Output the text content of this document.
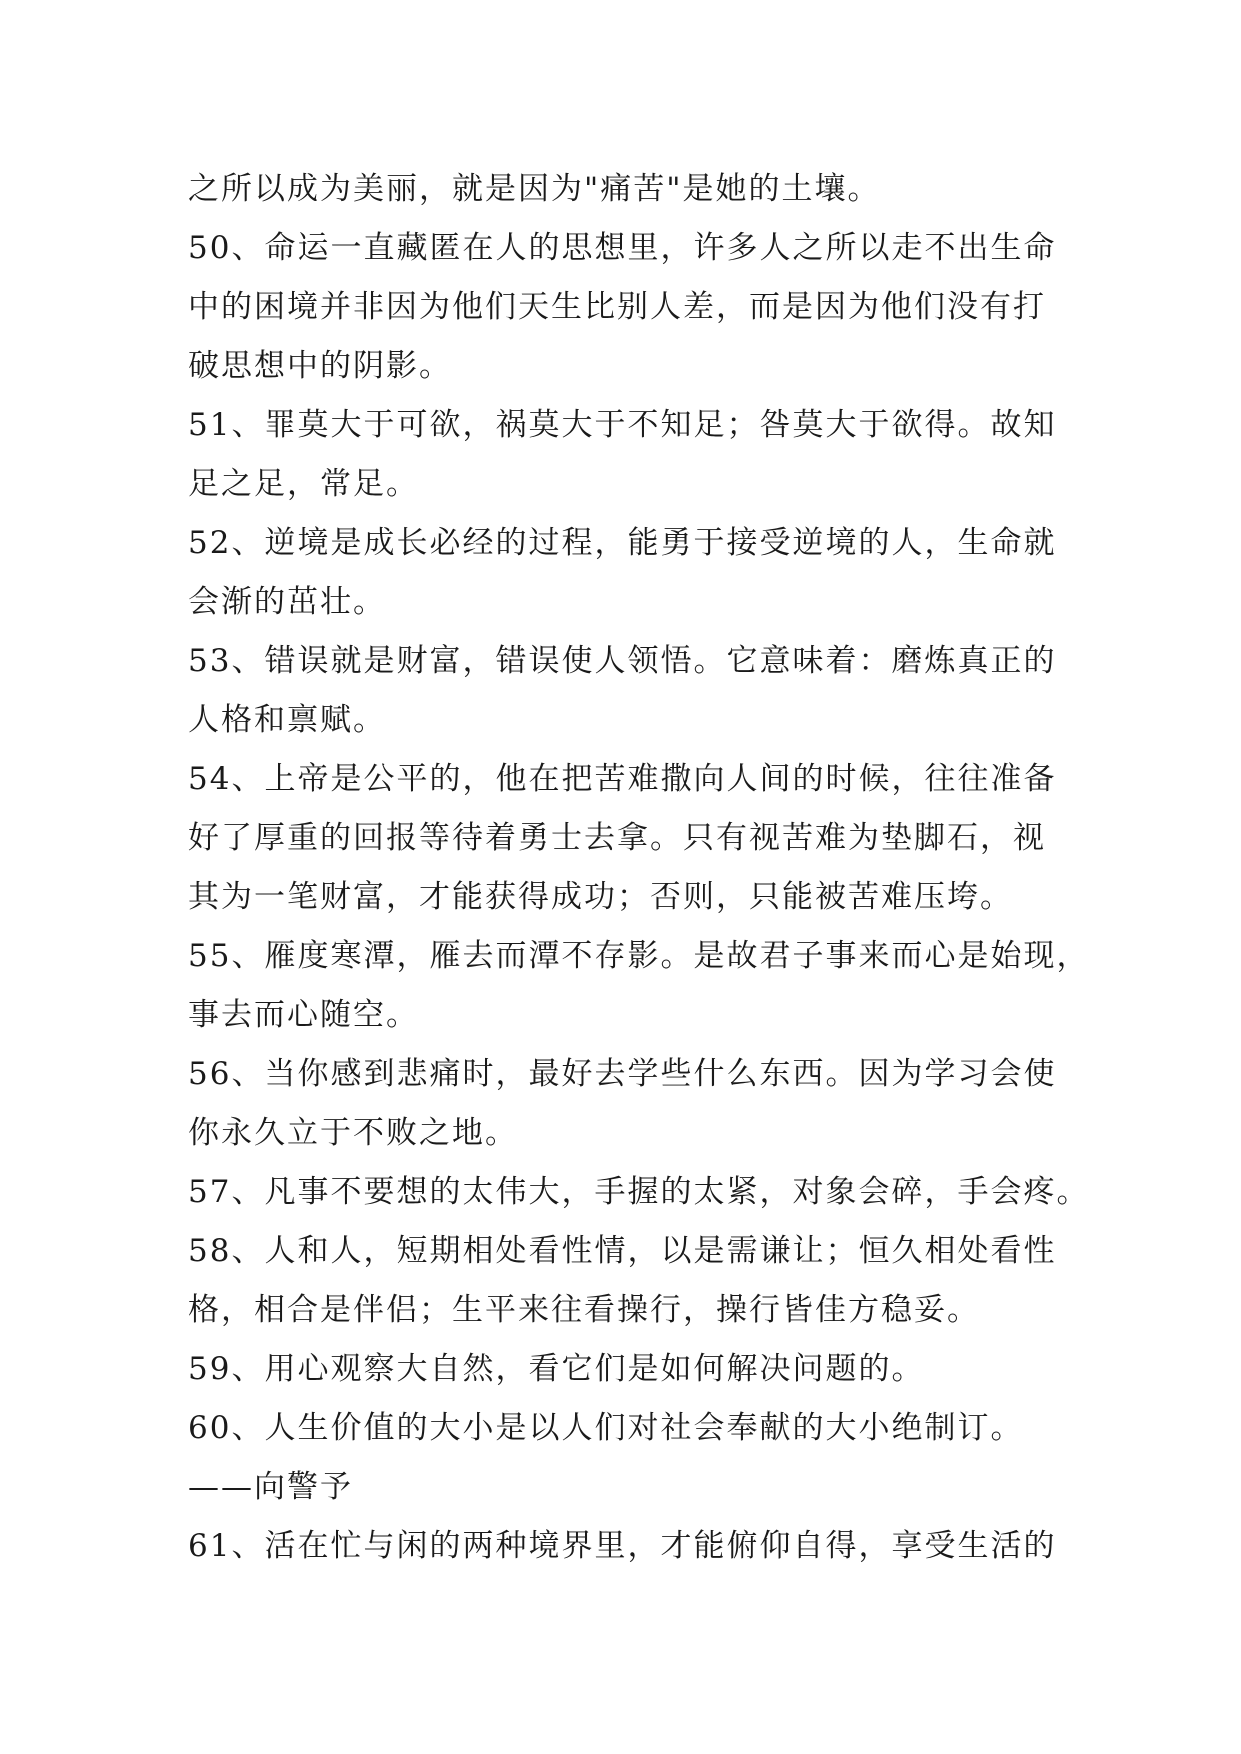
之所以成为美丽，就是因为"痛苦"是她的土壤。
50、命运一直藏匿在人的思想里，许多人之所以走不出生命
中的困境并非因为他们天生比别人差，而是因为他们没有打
破思想中的阴影。
51、罪莫大于可欲，祸莫大于不知足；咎莫大于欲得。故知
足之足，常足。
52、逆境是成长必经的过程，能勇于接受逆境的人，生命就
会渐的茁壮。
53、错误就是财富，错误使人领悟。它意味着：磨炼真正的
人格和禀赋。
54、上帝是公平的，他在把苦难撒向人间的时候，往往准备
好了厚重的回报等待着勇士去拿。只有视苦难为垫脚石，视
其为一笔财富，才能获得成功；否则，只能被苦难压垮。
55、雁度寒潭，雁去而潭不存影。是故君子事来而心是始现，
事去而心随空。
56、当你感到悲痛时，最好去学些什么东西。因为学习会使
你永久立于不败之地。
57、凡事不要想的太伟大，手握的太紧，对象会碎，手会疼。
58、人和人，短期相处看性情，以是需谦让；恒久相处看性
格，相合是伴侣；生平来往看操行，操行皆佳方稳妥。
59、用心观察大自然，看它们是如何解决问题的。
60、人生价值的大小是以人们对社会奉献的大小绝制订。
——向警予
61、活在忙与闲的两种境界里，才能俯仰自得，享受生活的
